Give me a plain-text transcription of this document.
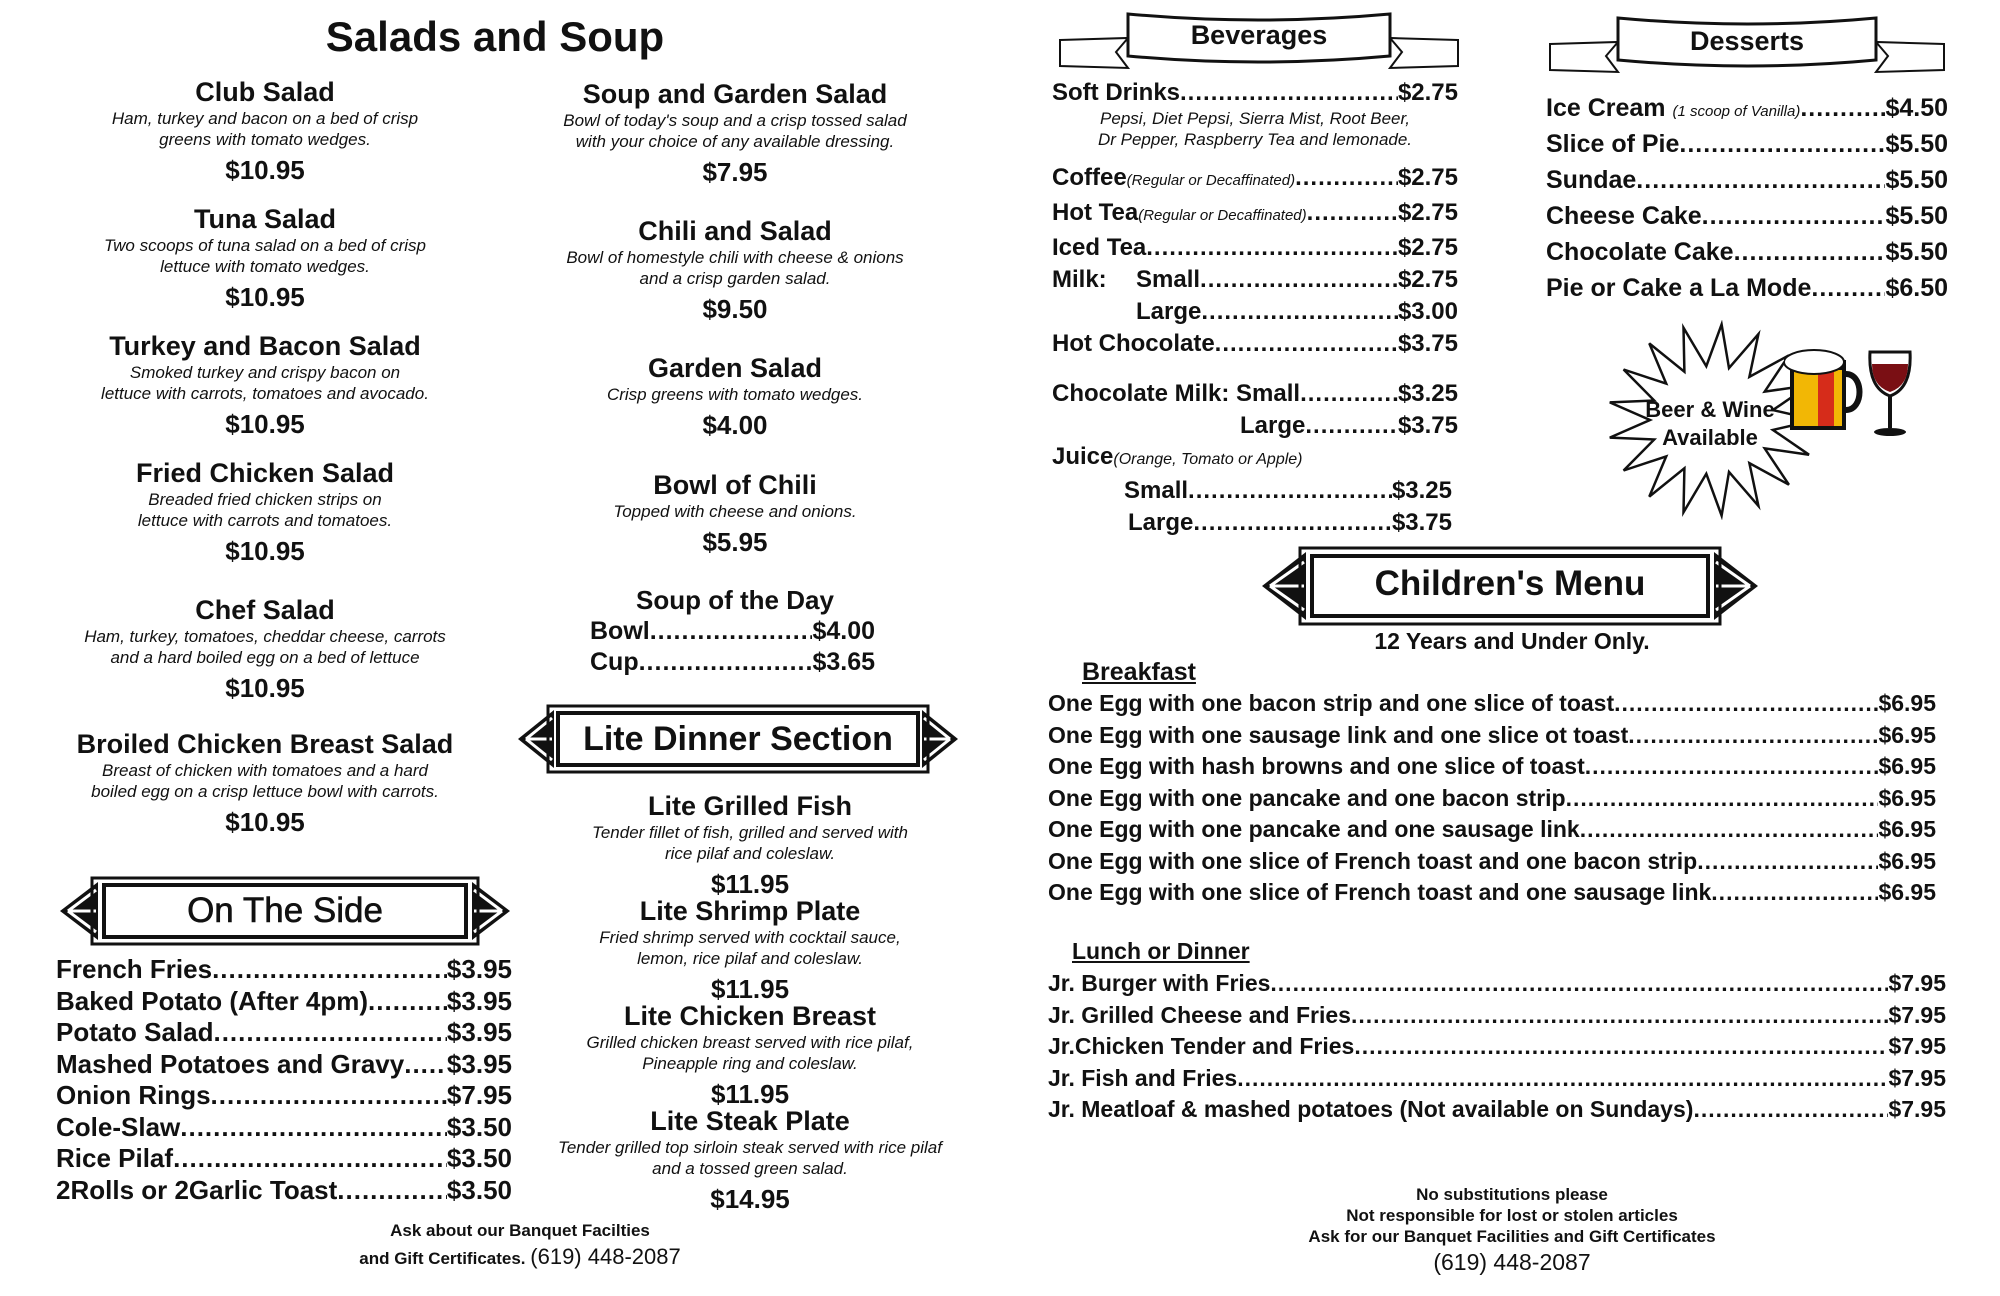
Salads and Soup
Club Salad
Ham, turkey and bacon on a bed of crisp
greens with tomato wedges.
$10.95
Tuna Salad
Two scoops of tuna salad on a bed of crisp
lettuce with tomato wedges.
$10.95
Turkey and Bacon Salad
Smoked turkey and crispy bacon on
lettuce with carrots, tomatoes and avocado.
$10.95
Fried Chicken Salad
Breaded fried chicken strips on
lettuce with carrots and tomatoes.
$10.95
Chef Salad
Ham, turkey, tomatoes, cheddar cheese, carrots
and a hard boiled egg on a bed of lettuce
$10.95
Broiled Chicken Breast Salad
Breast of chicken with tomatoes and a hard
boiled egg on a crisp lettuce bowl with carrots.
$10.95
Soup and Garden Salad
Bowl of today's soup and a crisp tossed salad
with your choice of any available dressing.
$7.95
Chili and Salad
Bowl of homestyle chili with cheese & onions
and a crisp garden salad.
$9.50
Garden Salad
Crisp greens with tomato wedges.
$4.00
Bowl of Chili
Topped with cheese and onions.
$5.95
Soup of the Day
Bowl .....	$4.00
Cup .....	$3.65
Lite Dinner Section
Lite Grilled Fish
Tender fillet of fish, grilled and served with
rice pilaf and coleslaw.
$11.95
Lite Shrimp Plate
Fried shrimp served with cocktail sauce,
lemon, rice pilaf and coleslaw.
$11.95
Lite Chicken Breast
Grilled chicken breast served with rice pilaf,
Pineapple ring and coleslaw.
$11.95
Lite Steak Plate
Tender grilled top sirloin steak served with rice pilaf
and a tossed green salad.
$14.95
On The Side
French Fries .....	$3.95
Baked Potato (After 4pm) .....	$3.95
Potato Salad .....	$3.95
Mashed Potatoes and Gravy ..... $3.95
Onion Rings .....	$7.95
Cole-Slaw .....	$3.50
Rice Pilaf .....	$3.50
2Rolls or 2Garlic Toast .....	$3.50
Ask about our Banquet Facilties
and Gift Certificates. (619) 448-2087
Beverages
Soft Drinks .....	$2.75
Pepsi, Diet Pepsi, Sierra Mist, Root Beer,
Dr Pepper, Raspberry Tea and lemonade.
Coffee(Regular or Decaffinated) .....	$2.75
Hot Tea(Regular or Decaffinated) .....	$2.75
Iced Tea .....	$2.75
Milk: Small .....	$2.75
Large .....	$3.00
Hot Chocolate .....	$3.75
Chocolate Milk: Small .....	$3.25
Large .....	$3.75
Juice(Orange, Tomato or Apple)
Small .....	$3.25
Large .....	$3.75
Desserts
Ice Cream (1 scoop of Vanilla) .....	$4.50
Slice of Pie .....	$5.50
Sundae .....	$5.50
Cheese Cake .....	$5.50
Chocolate Cake .....	$5.50
Pie or Cake a La Mode .....	$6.50
Beer & Wine
Available
Children's Menu
12 Years and Under Only.
Breakfast
One Egg with one bacon strip and one slice of toast .....	$6.95
One Egg with one sausage link and one slice ot toast .....	$6.95
One Egg with hash browns and one slice of toast .....	$6.95
One Egg with one pancake and one bacon strip .....	$6.95
One Egg with one pancake and one sausage link .....	$6.95
One Egg with one slice of French toast and one bacon strip .....	$6.95
One Egg with one slice of French toast and one sausage link .....	$6.95
Lunch or Dinner
Jr. Burger with Fries .....	$7.95
Jr. Grilled Cheese and Fries .....	$7.95
Jr.Chicken Tender and Fries .....	$7.95
Jr. Fish and Fries .....	$7.95
Jr. Meatloaf & mashed potatoes (Not available on Sundays) .....	$7.95
No substitutions please
Not responsible for lost or stolen articles
Ask for our Banquet Facilities and Gift Certificates
(619) 448-2087
